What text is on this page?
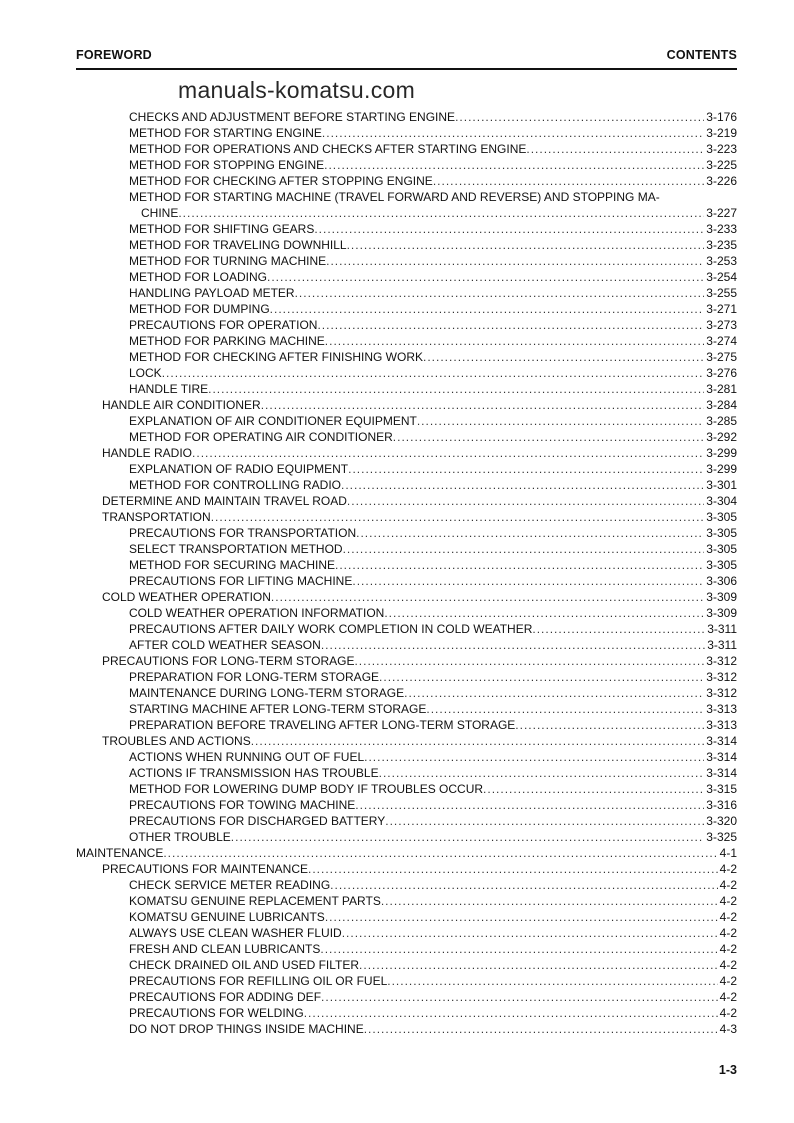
FOREWORD	CONTENTS
manuals-komatsu.com
CHECKS AND ADJUSTMENT BEFORE STARTING ENGINE .....	3-176
METHOD FOR STARTING ENGINE .....	3-219
METHOD FOR OPERATIONS AND CHECKS AFTER STARTING ENGINE .....	3-223
METHOD FOR STOPPING ENGINE .....	3-225
METHOD FOR CHECKING AFTER STOPPING ENGINE .....	3-226
METHOD FOR STARTING MACHINE (TRAVEL FORWARD AND REVERSE) AND STOPPING MA-
CHINE .....	3-227
METHOD FOR SHIFTING GEARS .....	3-233
METHOD FOR TRAVELING DOWNHILL .....	3-235
METHOD FOR TURNING MACHINE .....	3-253
METHOD FOR LOADING .....	3-254
HANDLING PAYLOAD METER .....	3-255
METHOD FOR DUMPING .....	3-271
PRECAUTIONS FOR OPERATION .....	3-273
METHOD FOR PARKING MACHINE .....	3-274
METHOD FOR CHECKING AFTER FINISHING WORK .....	3-275
LOCK .....	3-276
HANDLE TIRE .....	3-281
HANDLE AIR CONDITIONER .....	3-284
EXPLANATION OF AIR CONDITIONER EQUIPMENT .....	3-285
METHOD FOR OPERATING AIR CONDITIONER .....	3-292
HANDLE RADIO .....	3-299
EXPLANATION OF RADIO EQUIPMENT .....	3-299
METHOD FOR CONTROLLING RADIO .....	3-301
DETERMINE AND MAINTAIN TRAVEL ROAD .....	3-304
TRANSPORTATION .....	3-305
PRECAUTIONS FOR TRANSPORTATION .....	3-305
SELECT TRANSPORTATION METHOD .....	3-305
METHOD FOR SECURING MACHINE .....	3-305
PRECAUTIONS FOR LIFTING MACHINE .....	3-306
COLD WEATHER OPERATION .....	3-309
COLD WEATHER OPERATION INFORMATION .....	3-309
PRECAUTIONS AFTER DAILY WORK COMPLETION IN COLD WEATHER .....	3-311
AFTER COLD WEATHER SEASON .....	3-311
PRECAUTIONS FOR LONG-TERM STORAGE .....	3-312
PREPARATION FOR LONG-TERM STORAGE .....	3-312
MAINTENANCE DURING LONG-TERM STORAGE .....	3-312
STARTING MACHINE AFTER LONG-TERM STORAGE .....	3-313
PREPARATION BEFORE TRAVELING AFTER LONG-TERM STORAGE .....	3-313
TROUBLES AND ACTIONS .....	3-314
ACTIONS WHEN RUNNING OUT OF FUEL .....	3-314
ACTIONS IF TRANSMISSION HAS TROUBLE .....	3-314
METHOD FOR LOWERING DUMP BODY IF TROUBLES OCCUR .....	3-315
PRECAUTIONS FOR TOWING MACHINE .....	3-316
PRECAUTIONS FOR DISCHARGED BATTERY .....	3-320
OTHER TROUBLE .....	3-325
MAINTENANCE .....	4-1
PRECAUTIONS FOR MAINTENANCE .....	4-2
CHECK SERVICE METER READING .....	4-2
KOMATSU GENUINE REPLACEMENT PARTS .....	4-2
KOMATSU GENUINE LUBRICANTS .....	4-2
ALWAYS USE CLEAN WASHER FLUID .....	4-2
FRESH AND CLEAN LUBRICANTS .....	4-2
CHECK DRAINED OIL AND USED FILTER .....	4-2
PRECAUTIONS FOR REFILLING OIL OR FUEL .....	4-2
PRECAUTIONS FOR ADDING DEF .....	4-2
PRECAUTIONS FOR WELDING .....	4-2
DO NOT DROP THINGS INSIDE MACHINE .....	4-3
1-3
